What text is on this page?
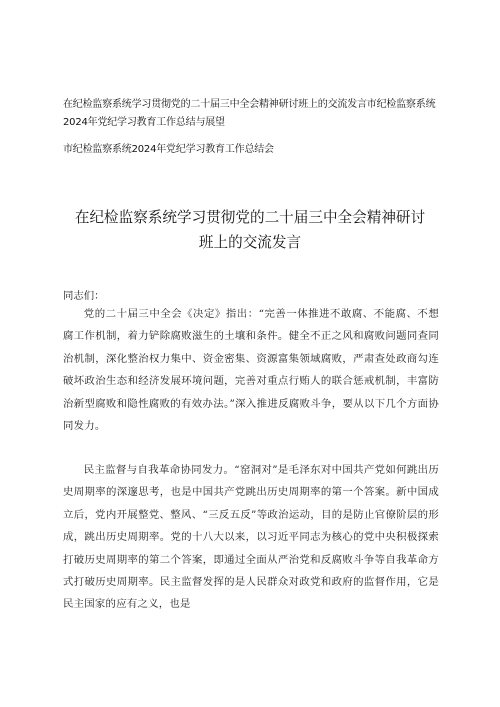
在纪检监察系统学习贯彻党的二十届三中全会精神研讨班上的交流发言市纪检监察系统2024年党纪学习教育工作总结与展望
市纪检监察系统2024年党纪学习教育工作总结会
在纪检监察系统学习贯彻党的二十届三中全会精神研讨
班上的交流发言
同志们：

党的二十届三中全会《决定》指出：“完善一体推进不敢腐、不能腐、不想腐工作机制，着力铲除腐败滋生的土壤和条件。健全不正之风和腐败问题同查同治机制，深化整治权力集中、资金密集、资源富集领域腐败，严肃查处政商勾连破坏政治生态和经济发展环境问题，完善对重点行贿人的联合惩戒机制，丰富防治新型腐败和隐性腐败的有效办法。”深入推进反腐败斗争，要从以下几个方面协同发力。

民主监督与自我革命协同发力。“窑洞对”是毛泽东对中国共产党如何跳出历史周期率的深邃思考，也是中国共产党跳出历史周期率的第一个答案。新中国成立后，党内开展整党、整风、“三反五反”等政治运动，目的是防止官僚阶层的形成，跳出历史周期率。党的十八大以来，以习近平同志为核心的党中央积极探索打破历史周期率的第二个答案，即通过全面从严治党和反腐败斗争等自我革命方式打破历史周期率。民主监督发挥的是人民群众对政党和政府的监督作用，它是民主国家的应有之义，也是
